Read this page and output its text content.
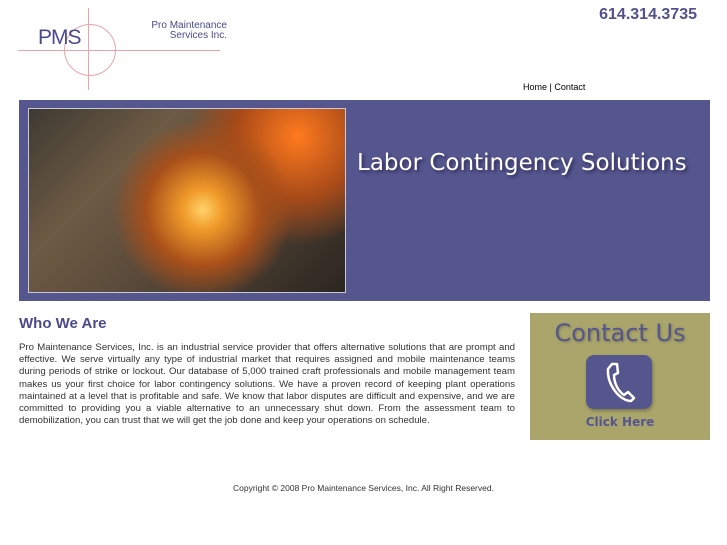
PMS
Pro Maintenance
Services Inc.
614.314.3735
Home | Contact
Labor Contingency Solutions
Who We Are
Pro Maintenance Services, Inc. is an industrial service provider that offers alternative solutions that are prompt and effective. We serve virtually any type of industrial market that requires assigned and mobile maintenance teams during periods of strike or lockout. Our database of 5,000 trained craft professionals and mobile management team makes us your first choice for labor contingency solutions. We have a proven record of keeping plant operations maintained at a level that is profitable and safe. We know that labor disputes are difficult and expensive, and we are committed to providing you a viable alternative to an unnecessary shut down. From the assessment team to demobilization, you can trust that we will get the job done and keep your operations on schedule.
Contact Us
Click Here
Copyright © 2008 Pro Maintenance Services, Inc. All Right Reserved.
